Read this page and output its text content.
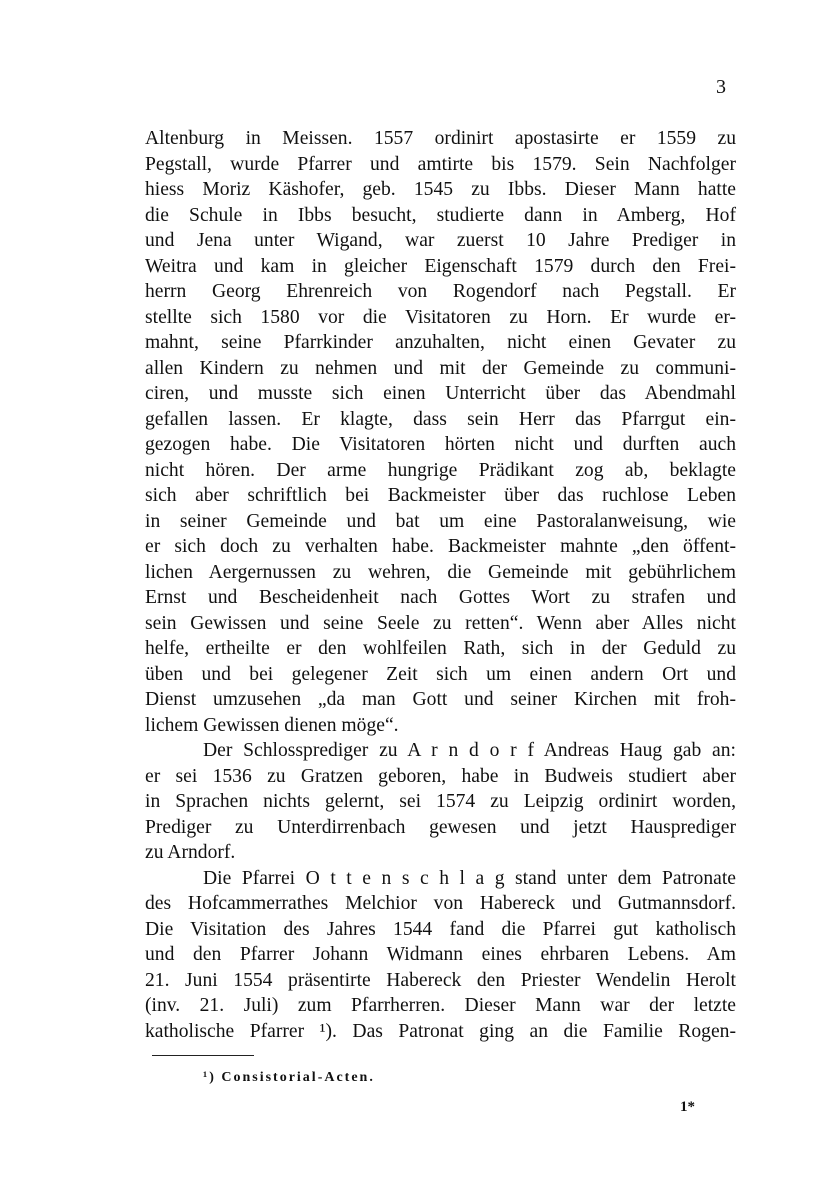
3
Altenburg in Meissen. 1557 ordinirt apostasirte er 1559 zu
Pegstall, wurde Pfarrer und amtirte bis 1579. Sein Nachfolger
hiess Moriz Käshofer, geb. 1545 zu Ibbs. Dieser Mann hatte
die Schule in Ibbs besucht, studierte dann in Amberg, Hof
und Jena unter Wigand, war zuerst 10 Jahre Prediger in
Weitra und kam in gleicher Eigenschaft 1579 durch den Frei-
herrn Georg Ehrenreich von Rogendorf nach Pegstall. Er
stellte sich 1580 vor die Visitatoren zu Horn. Er wurde er-
mahnt, seine Pfarrkinder anzuhalten, nicht einen Gevater zu
allen Kindern zu nehmen und mit der Gemeinde zu communi-
ciren, und musste sich einen Unterricht über das Abendmahl
gefallen lassen. Er klagte, dass sein Herr das Pfarrgut ein-
gezogen habe. Die Visitatoren hörten nicht und durften auch
nicht hören. Der arme hungrige Prädikant zog ab, beklagte
sich aber schriftlich bei Backmeister über das ruchlose Leben
in seiner Gemeinde und bat um eine Pastoralanweisung, wie
er sich doch zu verhalten habe. Backmeister mahnte „den öffent-
lichen Aergernussen zu wehren, die Gemeinde mit gebührlichem
Ernst und Bescheidenheit nach Gottes Wort zu strafen und
sein Gewissen und seine Seele zu retten“. Wenn aber Alles nicht
helfe, ertheilte er den wohlfeilen Rath, sich in der Geduld zu
üben und bei gelegener Zeit sich um einen andern Ort und
Dienst umzusehen „da man Gott und seiner Kirchen mit froh-
lichem Gewissen dienen möge“.
Der Schlossprediger zu A r n d o r f Andreas Haug gab an:
er sei 1536 zu Gratzen geboren, habe in Budweis studiert aber
in Sprachen nichts gelernt, sei 1574 zu Leipzig ordinirt worden,
Prediger zu Unterdirrenbach gewesen und jetzt Hausprediger
zu Arndorf.
Die Pfarrei O t t e n s c h l a g stand unter dem Patronate
des Hofcammerrathes Melchior von Habereck und Gutmannsdorf.
Die Visitation des Jahres 1544 fand die Pfarrei gut katholisch
und den Pfarrer Johann Widmann eines ehrbaren Lebens. Am
21. Juni 1554 präsentirte Habereck den Priester Wendelin Herolt
(inv. 21. Juli) zum Pfarrherren. Dieser Mann war der letzte
katholische Pfarrer ¹). Das Patronat ging an die Familie Rogen-
¹) Consistorial-Acten.
1*
